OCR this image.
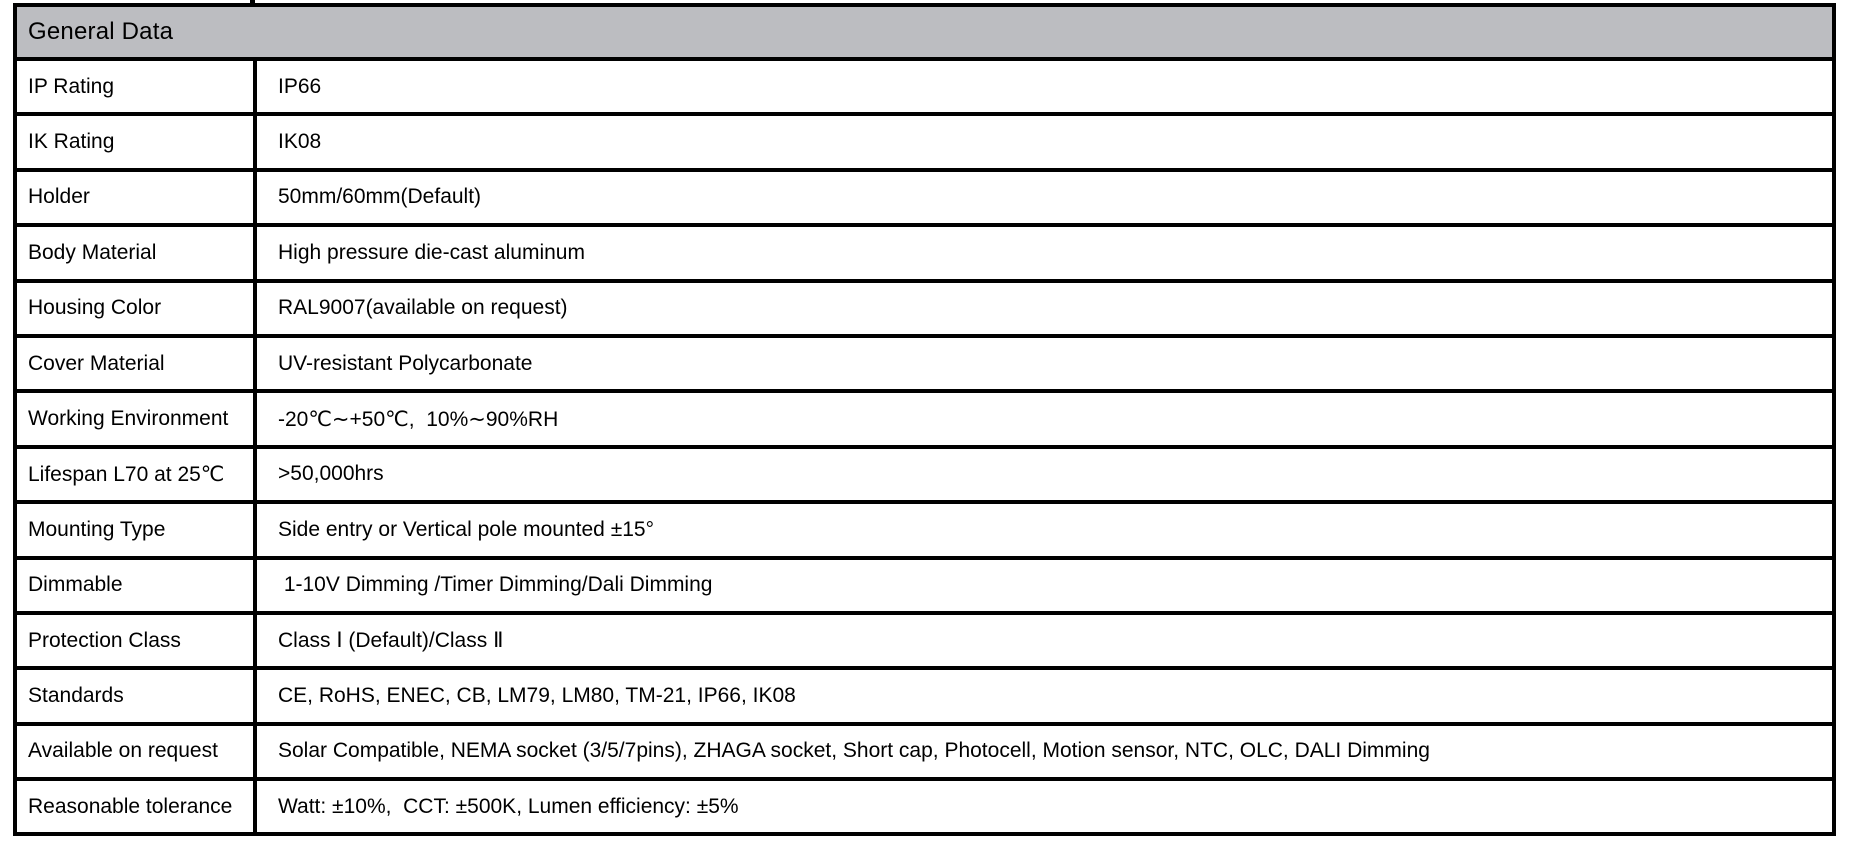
General Data
IP Rating	IP66
IK Rating	IK08
Holder	50mm/60mm(Default)
Body Material	High pressure die-cast aluminum
Housing Color	RAL9007(available on request)
Cover Material	UV-resistant Polycarbonate
Working Environment	-20℃∼+50℃,  10%∼90%RH
Lifespan L70 at 25℃	>50,000hrs
Mounting Type	Side entry or Vertical pole mounted ±15°
Dimmable	1-10V Dimming /Timer Dimming/Dali Dimming
Protection Class	Class Ⅰ (Default)/Class Ⅱ
Standards	CE, RoHS, ENEC, CB, LM79, LM80, TM-21, IP66, IK08
Available on request	Solar Compatible, NEMA socket (3/5/7pins), ZHAGA socket, Short cap, Photocell, Motion sensor, NTC, OLC, DALI Dimming
Reasonable tolerance	Watt: ±10%,  CCT: ±500K, Lumen efficiency: ±5%
